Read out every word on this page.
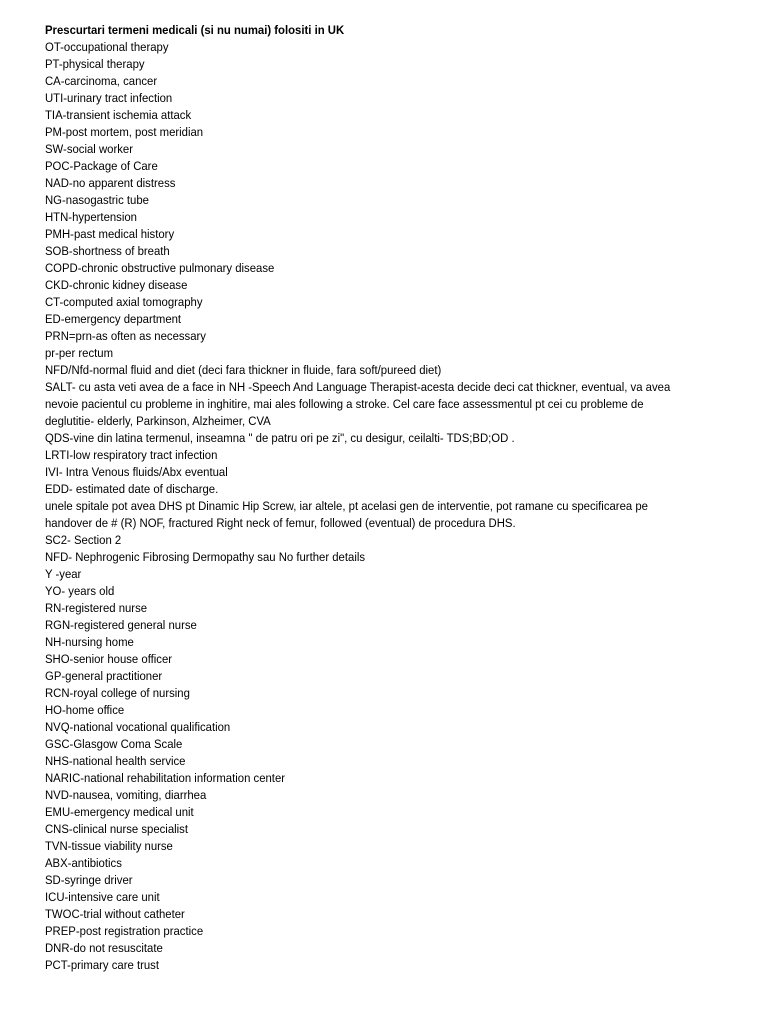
Prescurtari termeni medicali (si nu numai) folositi in UK

OT-occupational therapy

PT-physical therapy

CA-carcinoma, cancer

UTI-urinary tract infection

TIA-transient ischemia attack

PM-post mortem, post meridian

SW-social worker

POC-Package of Care

NAD-no apparent distress

NG-nasogastric tube

HTN-hypertension

PMH-past medical history

SOB-shortness of breath

COPD-chronic obstructive pulmonary disease

CKD-chronic kidney disease

CT-computed axial tomography

ED-emergency department

PRN=prn-as often as necessary

pr-per rectum

NFD/Nfd-normal fluid and diet (deci fara thickner in fluide, fara soft/pureed diet)

SALT- cu asta veti avea de a face in NH -Speech And Language Therapist-acesta decide deci cat thickner, eventual, va avea nevoie pacientul cu probleme in inghitire, mai ales following a stroke. Cel care face assessmentul pt cei cu probleme de deglutitie- elderly, Parkinson, Alzheimer, CVA

QDS-vine din latina termenul, inseamna " de patru ori pe zi", cu desigur, ceilalti- TDS;BD;OD .

LRTI-low respiratory tract infection

IVI- Intra Venous fluids/Abx eventual

EDD- estimated date of discharge.

unele spitale pot avea DHS pt Dinamic Hip Screw, iar altele, pt acelasi gen de interventie, pot ramane cu specificarea pe handover de # (R) NOF, fractured Right neck of femur, followed (eventual) de procedura DHS.

SC2- Section 2

NFD- Nephrogenic Fibrosing Dermopathy sau No further details

Y -year

YO- years old

RN-registered nurse

RGN-registered general nurse

NH-nursing home

SHO-senior house officer

GP-general practitioner

RCN-royal college of nursing

HO-home office

NVQ-national vocational qualification

GSC-Glasgow Coma Scale

NHS-national health service

NARIC-national rehabilitation information center

NVD-nausea, vomiting, diarrhea

EMU-emergency medical unit

CNS-clinical nurse specialist

TVN-tissue viability nurse

ABX-antibiotics

SD-syringe driver

ICU-intensive care unit

TWOC-trial without catheter

PREP-post registration practice

DNR-do not resuscitate

PCT-primary care trust
